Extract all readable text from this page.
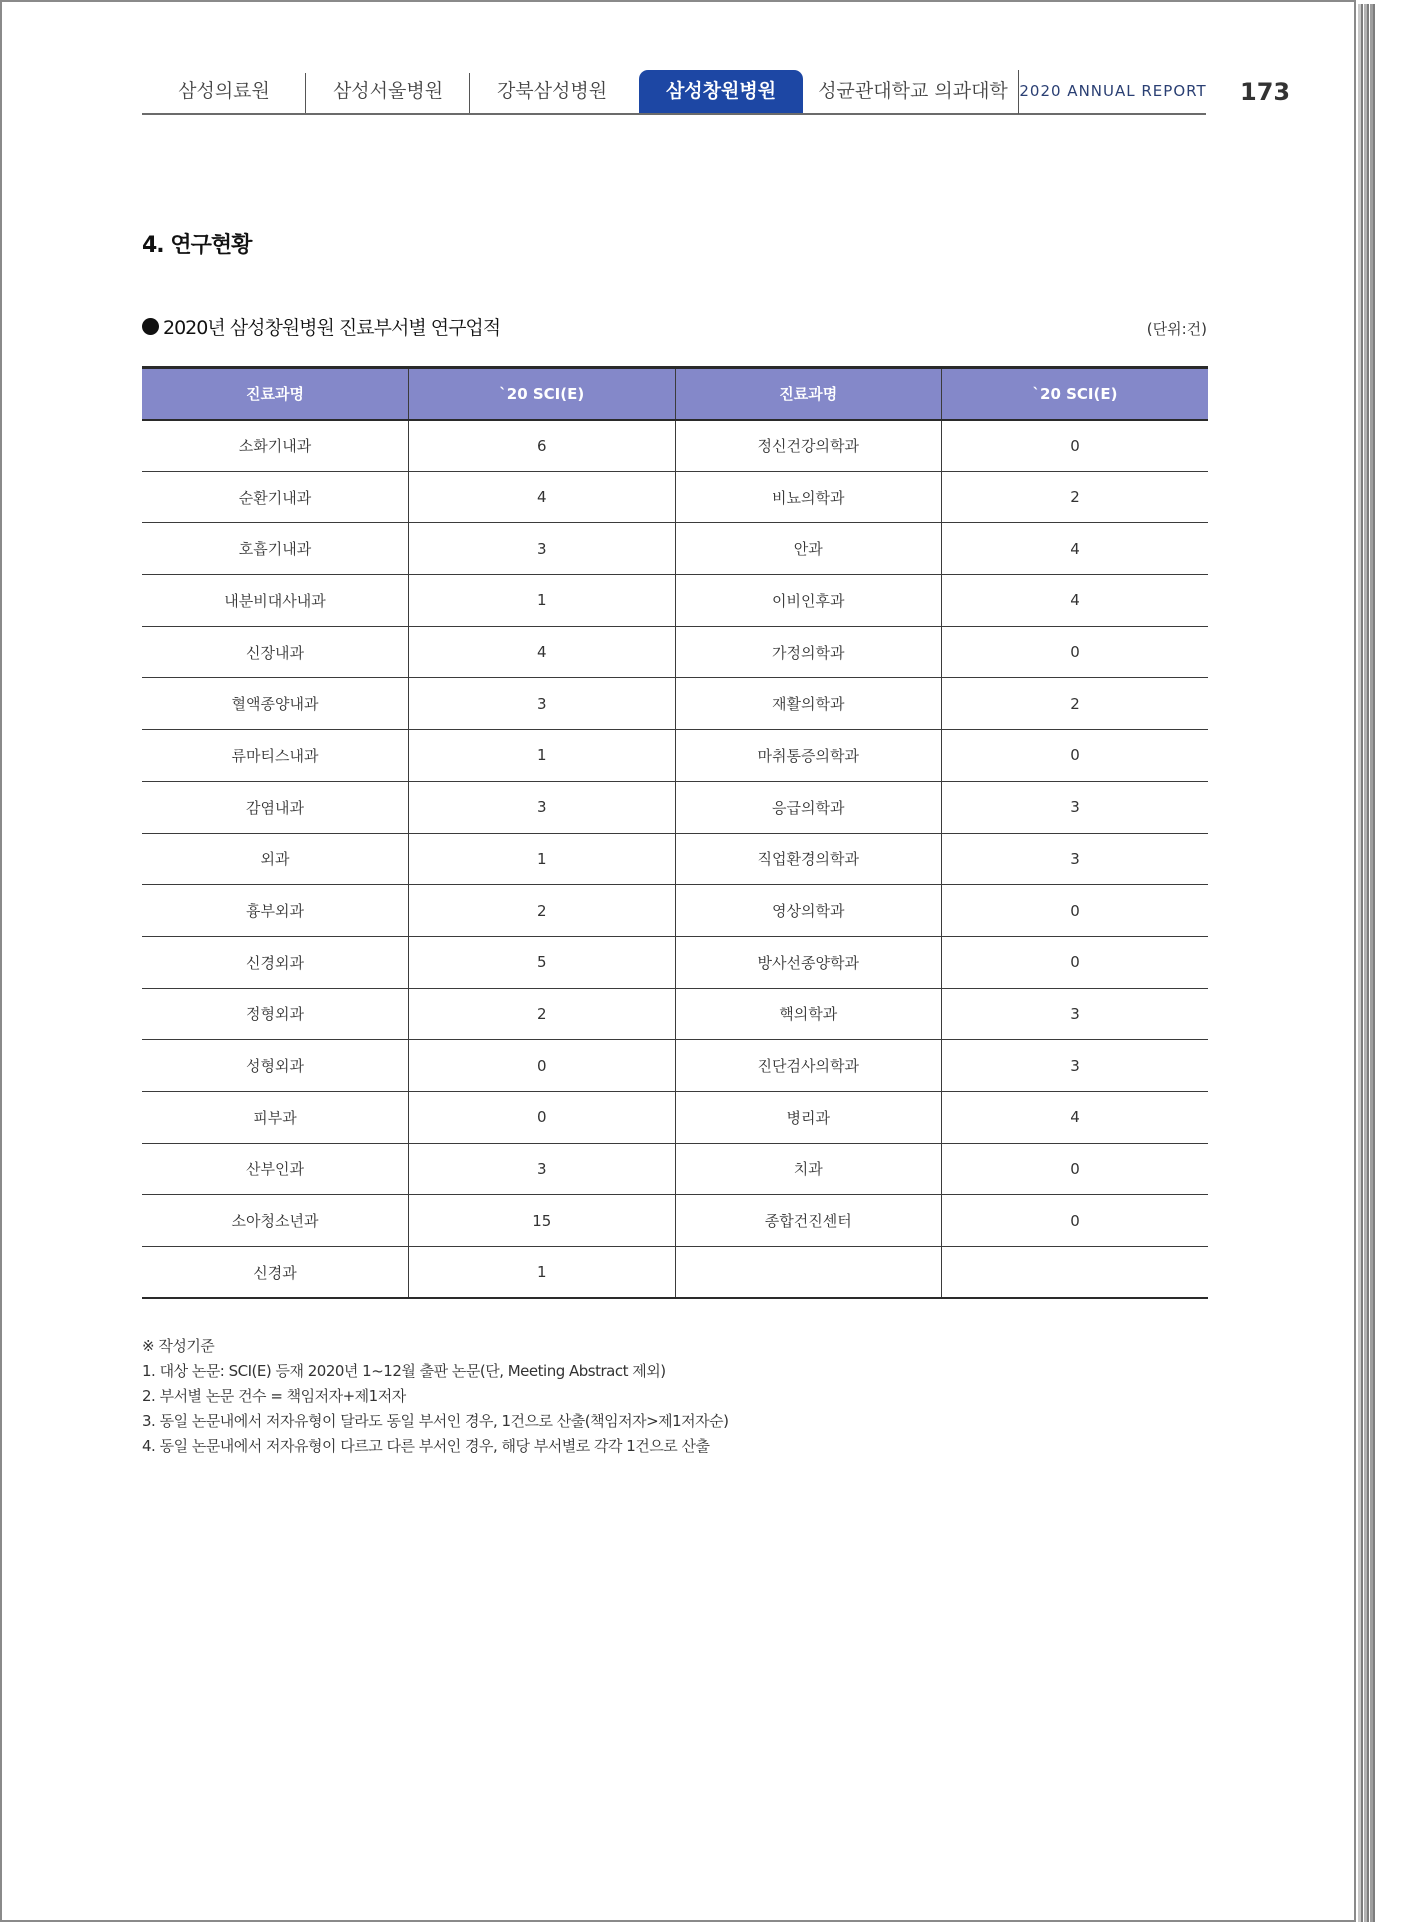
삼성의료원	삼성서울병원	강북삼성병원	삼성창원병원	성균관대학교 의과대학 2020 ANNUAL REPORT 173
4. 연구현황
2020년 삼성창원병원 진료부서별 연구업적	(단위:건)
진료과명	`20 SCI(E)	진료과명	`20 SCI(E)
소화기내과	6	정신건강의학과	0
순환기내과	4	비뇨의학과	2
호흡기내과	3	안과	4
내분비대사내과	1	이비인후과	4
신장내과	4	가정의학과	0
혈액종양내과	3	재활의학과	2
류마티스내과	1	마취통증의학과	0
감염내과	3	응급의학과	3
외과	1	직업환경의학과	3
흉부외과	2	영상의학과	0
신경외과	5	방사선종양학과	0
정형외과	2	핵의학과	3
성형외과	0	진단검사의학과	3
피부과	0	병리과	4
산부인과	3	치과	0
소아청소년과	15	종합건진센터	0
신경과	1		
※ 작성기준
1. 대상 논문: SCI(E) 등재 2020년 1~12월 출판 논문(단, Meeting Abstract 제외)
2. 부서별 논문 건수 = 책임저자+제1저자
3. 동일 논문내에서 저자유형이 달라도 동일 부서인 경우, 1건으로 산출(책임저자>제1저자순)
4. 동일 논문내에서 저자유형이 다르고 다른 부서인 경우, 해당 부서별로 각각 1건으로 산출
